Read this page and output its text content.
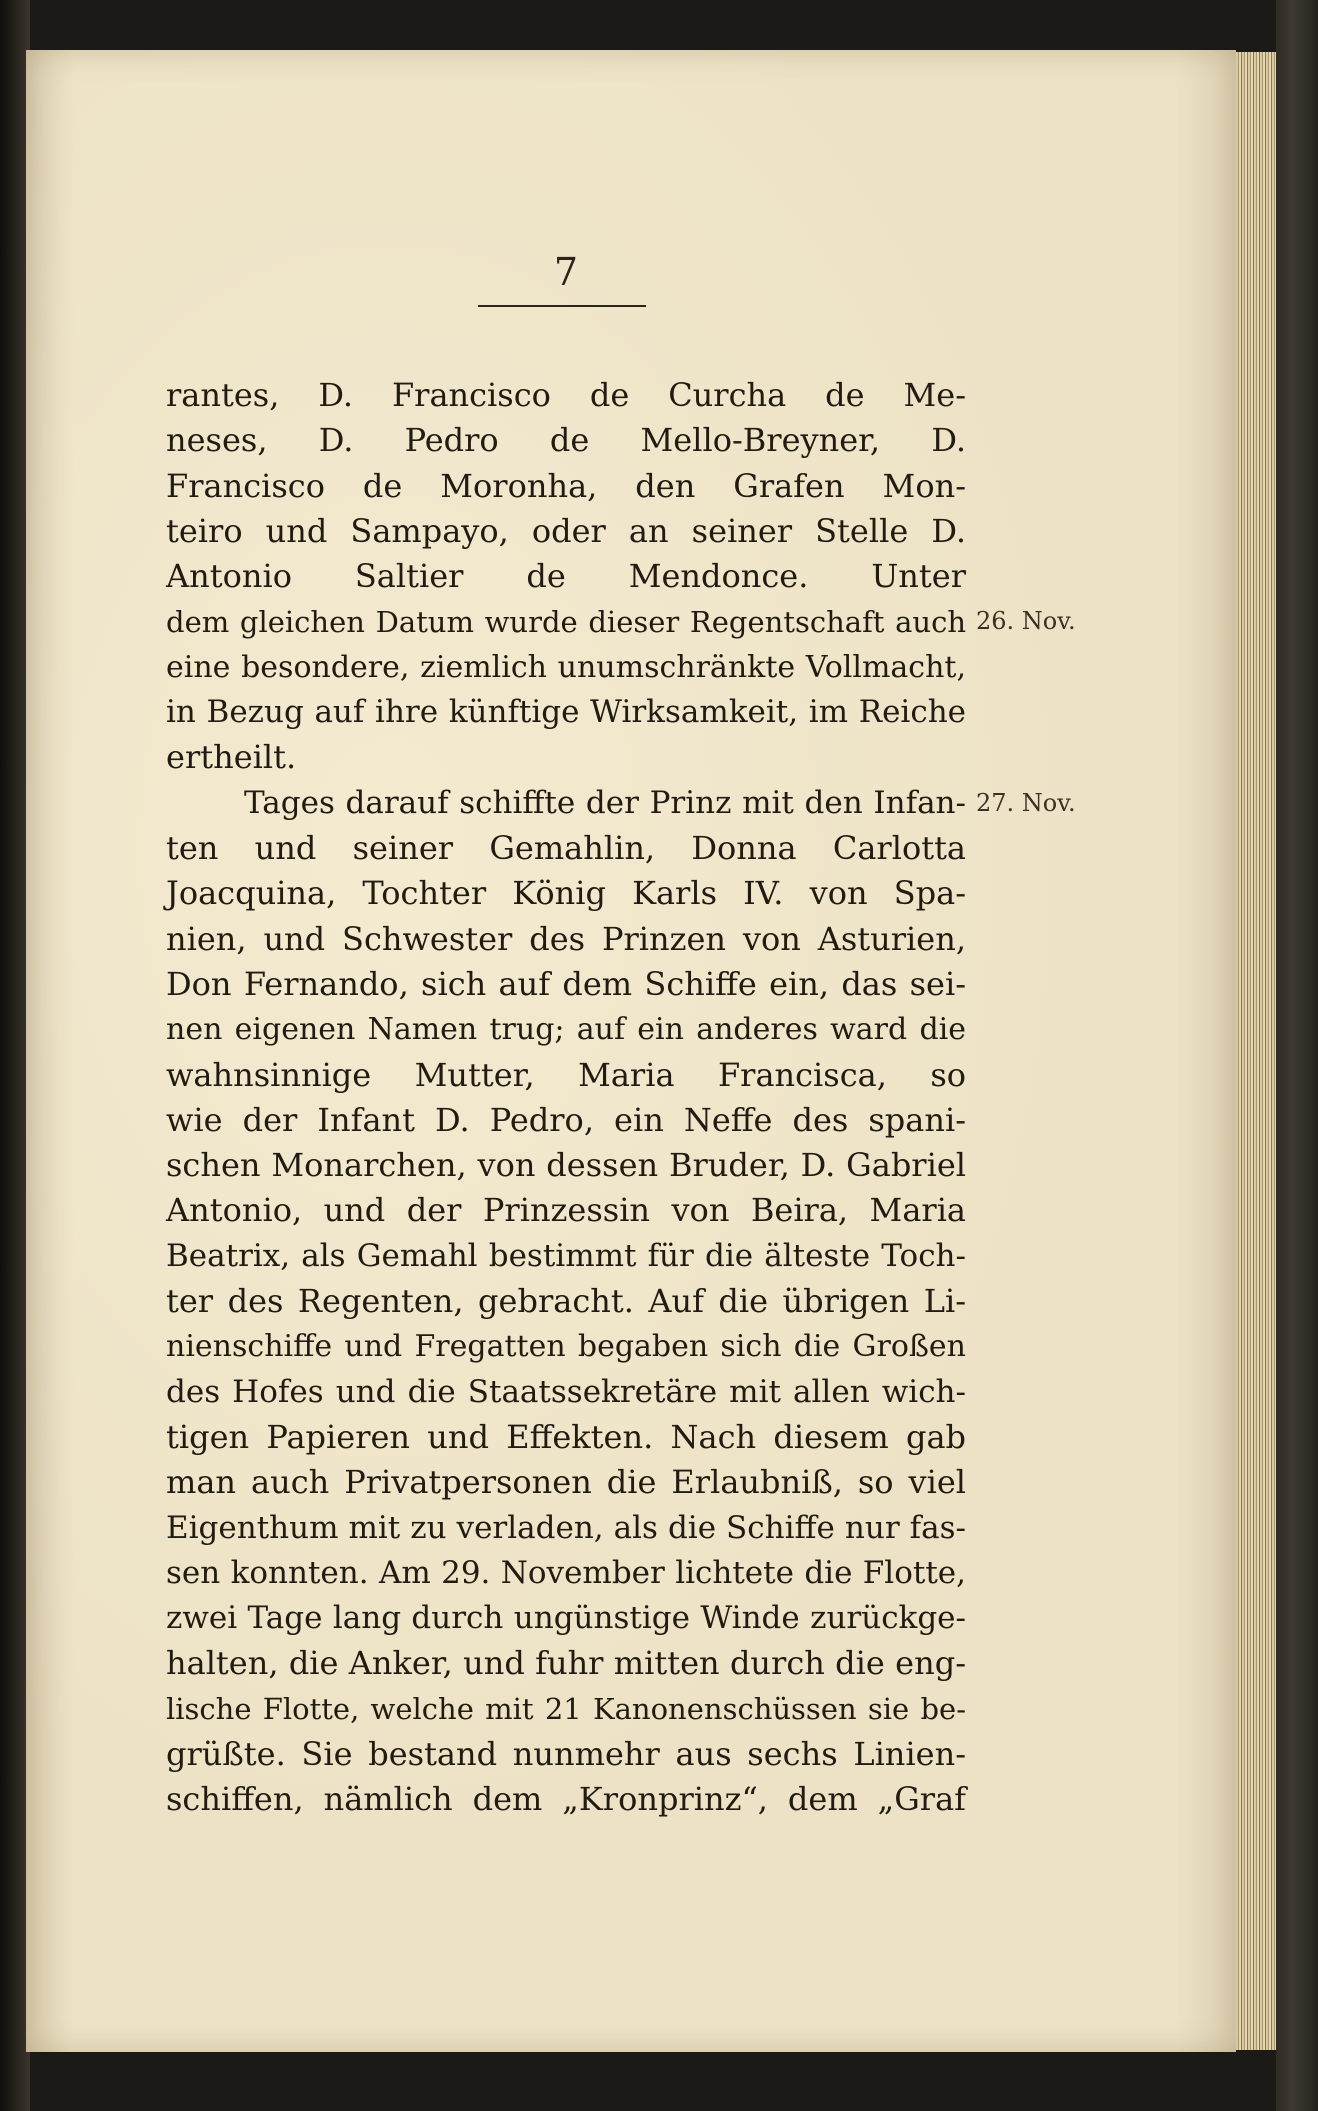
7
rantes, D. Francisco de Curcha de Me-
neses, D. Pedro de Mello-Breyner, D.
Francisco de Moronha, den Grafen Mon-
teiro und Sampayo, oder an seiner Stelle D.
Antonio Saltier de Mendonce. Unter
dem gleichen Datum wurde dieser Regentschaft auch
eine besondere, ziemlich unumschränkte Vollmacht,
in Bezug auf ihre künftige Wirksamkeit, im Reiche
ertheilt.
Tages darauf schiffte der Prinz mit den Infan-
ten und seiner Gemahlin, Donna Carlotta
Joacquina, Tochter König Karls IV. von Spa-
nien, und Schwester des Prinzen von Asturien,
Don Fernando, sich auf dem Schiffe ein, das sei-
nen eigenen Namen trug; auf ein anderes ward die
wahnsinnige Mutter, Maria Francisca, so
wie der Infant D. Pedro, ein Neffe des spani-
schen Monarchen, von dessen Bruder, D. Gabriel
Antonio, und der Prinzessin von Beira, Maria
Beatrix, als Gemahl bestimmt für die älteste Toch-
ter des Regenten, gebracht. Auf die übrigen Li-
nienschiffe und Fregatten begaben sich die Großen
des Hofes und die Staatssekretäre mit allen wich-
tigen Papieren und Effekten. Nach diesem gab
man auch Privatpersonen die Erlaubniß, so viel
Eigenthum mit zu verladen, als die Schiffe nur fas-
sen konnten. Am 29. November lichtete die Flotte,
zwei Tage lang durch ungünstige Winde zurückge-
halten, die Anker, und fuhr mitten durch die eng-
lische Flotte, welche mit 21 Kanonenschüssen sie be-
grüßte. Sie bestand nunmehr aus sechs Linien-
schiffen, nämlich dem „Kronprinz“, dem „Graf
26. Nov.
27. Nov.
